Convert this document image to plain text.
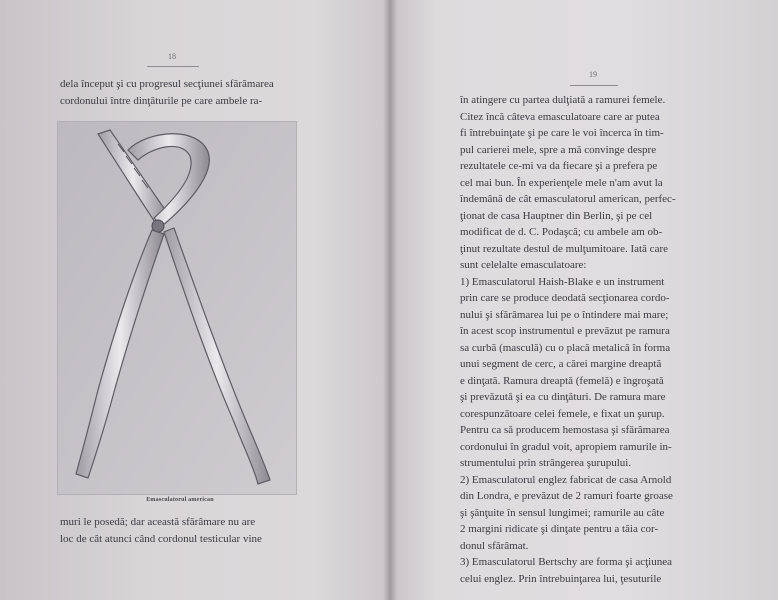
18
dela început şi cu progresul secţiunei sfărâmarea
cordonului între dinţăturile pe care ambele ra-
Emasculatorul american
muri le posedă; dar această sfărâmare nu are
loc de cât atunci când cordonul testicular vine
19
în atingere cu partea dulţiată a ramurei femele.
Citez încă câteva emasculatoare care ar putea
fi întrebuinţate şi pe care le voi încerca în tim-
pul carierei mele, spre a mă convinge despre
rezultatele ce-mi va da fiecare şi a prefera pe
cel mai bun. În experienţele mele n'am avut la
îndemână de cât emasculatorul american, perfec-
ţionat de casa Hauptner din Berlin, şi pe cel
modificat de d. C. Podaşcă; cu ambele am ob-
ţinut rezultate destul de mulţumitoare. Iată care
sunt celelalte emasculatoare:
1) Emasculatorul Haish-Blake e un instrument
prin care se produce deodată secţionarea cordo-
nului şi sfărâmarea lui pe o întindere mai mare;
în acest scop instrumentul e prevăzut pe ramura
sa curbă (masculă) cu o placă metalică în forma
unui segment de cerc, a cărei margine dreaptă
e dinţată. Ramura dreaptă (femelă) e îngroşată
şi prevăzută şi ea cu dinţături. De ramura mare
corespunzătoare celei femele, e fixat un şurup.
Pentru ca să producem hemostasa şi sfărâmarea
cordonului în gradul voit, apropiem ramurile in-
strumentului prin strângerea şurupului.
2) Emasculatorul englez fabricat de casa Arnold
din Londra, e prevăzut de 2 ramuri foarte groase
şi şănţuite în sensul lungimei; ramurile au câte
2 margini ridicate şi dinţate pentru a tăia cor-
donul sfărâmat.
3) Emasculatorul Bertschy are forma şi acţiunea
celui englez. Prin întrebuinţarea lui, ţesuturile
